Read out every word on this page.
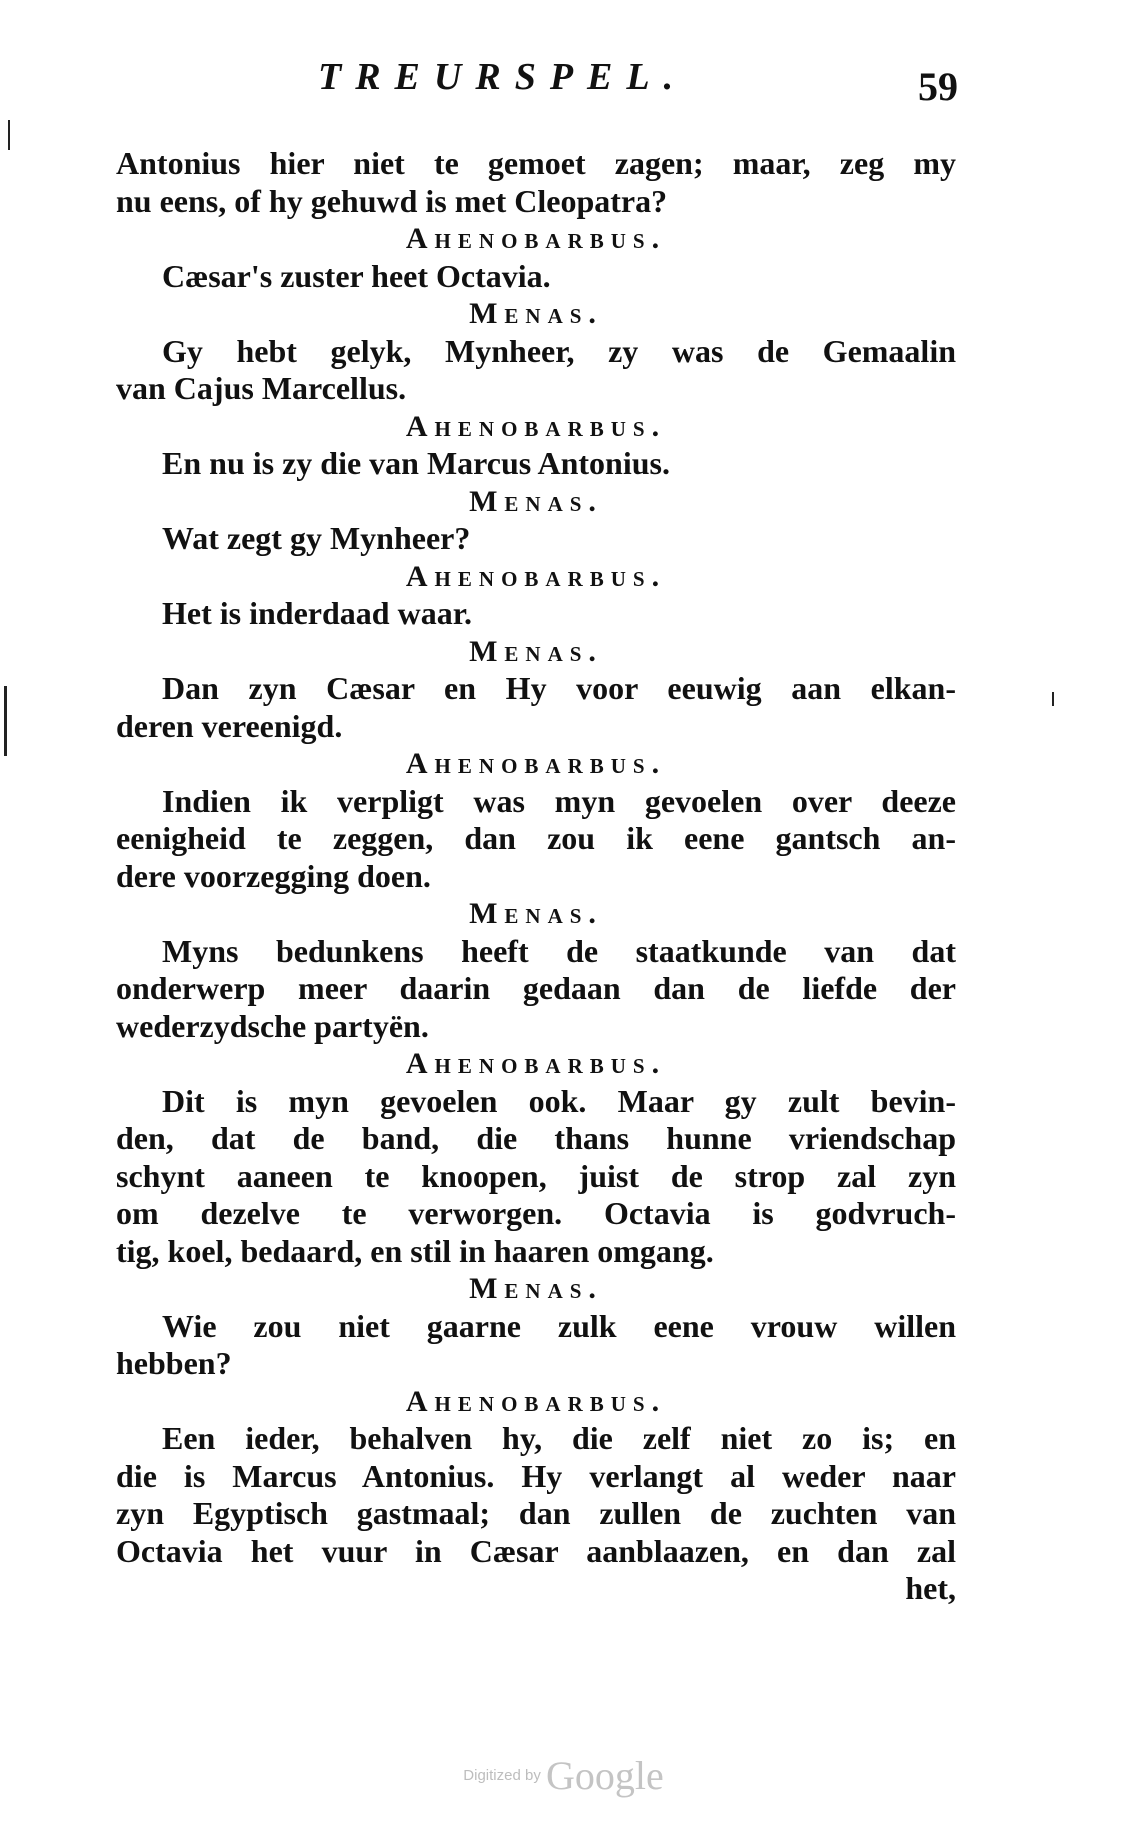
TREURSPEL.	59
Antonius hier niet te gemoet zagen; maar, zeg my
nu eens, of hy gehuwd is met Cleopatra?
Ahenobarbus.
Cæsar's zuster heet Octavia.
Menas.
Gy hebt gelyk, Mynheer, zy was de Gemaalin
van Cajus Marcellus.
Ahenobarbus.
En nu is zy die van Marcus Antonius.
Menas.
Wat zegt gy Mynheer?
Ahenobarbus.
Het is inderdaad waar.
Menas.
Dan zyn Cæsar en Hy voor eeuwig aan elkan-
deren vereenigd.
Ahenobarbus.
Indien ik verpligt was myn gevoelen over deeze
eenigheid te zeggen, dan zou ik eene gantsch an-
dere voorzegging doen.
Menas.
Myns bedunkens heeft de staatkunde van dat
onderwerp meer daarin gedaan dan de liefde der
wederzydsche partyën.
Ahenobarbus.
Dit is myn gevoelen ook. Maar gy zult bevin-
den, dat de band, die thans hunne vriendschap
schynt aaneen te knoopen, juist de strop zal zyn
om dezelve te verworgen. Octavia is godvruch-
tig, koel, bedaard, en stil in haaren omgang.
Menas.
Wie zou niet gaarne zulk eene vrouw willen
hebben?
Ahenobarbus.
Een ieder, behalven hy, die zelf niet zo is; en
die is Marcus Antonius. Hy verlangt al weder naar
zyn Egyptisch gastmaal; dan zullen de zuchten van
Octavia het vuur in Cæsar aanblaazen, en dan zal
het,
Digitized by Google
